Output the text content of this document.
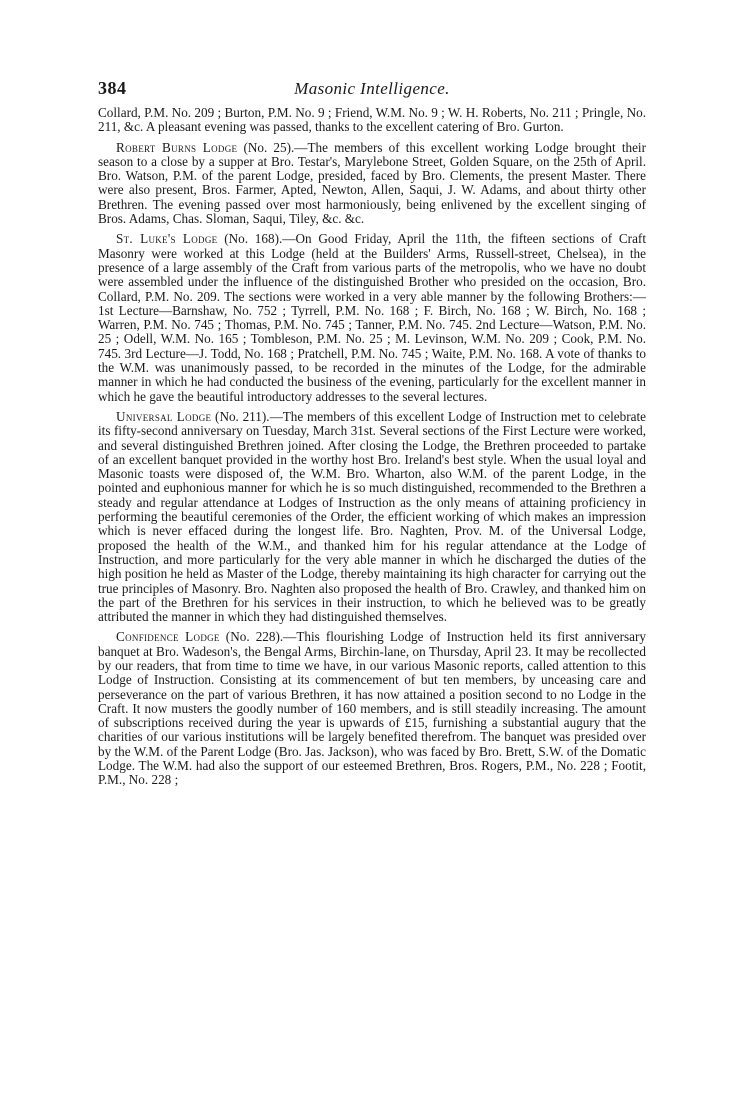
384	Masonic Intelligence.

Collard, P.M. No. 209 ; Burton, P.M. No. 9 ; Friend, W.M. No. 9 ; W. H. Roberts, No. 211 ; Pringle, No. 211, &c. A pleasant evening was passed, thanks to the excellent catering of Bro. Gurton.

Robert Burns Lodge (No. 25).—The members of this excellent working Lodge brought their season to a close by a supper at Bro. Testar's, Marylebone Street, Golden Square, on the 25th of April. Bro. Watson, P.M. of the parent Lodge, presided, faced by Bro. Clements, the present Master. There were also present, Bros. Farmer, Apted, Newton, Allen, Saqui, J. W. Adams, and about thirty other Brethren. The evening passed over most harmoniously, being enlivened by the excellent singing of Bros. Adams, Chas. Sloman, Saqui, Tiley, &c. &c.

St. Luke's Lodge (No. 168).—On Good Friday, April the 11th, the fifteen sections of Craft Masonry were worked at this Lodge (held at the Builders' Arms, Russell-street, Chelsea), in the presence of a large assembly of the Craft from various parts of the metropolis, who we have no doubt were assembled under the influence of the distinguished Brother who presided on the occasion, Bro. Collard, P.M. No. 209. The sections were worked in a very able manner by the following Brothers:—1st Lecture—Barnshaw, No. 752 ; Tyrrell, P.M. No. 168 ; F. Birch, No. 168 ; W. Birch, No. 168 ; Warren, P.M. No. 745 ; Thomas, P.M. No. 745 ; Tanner, P.M. No. 745. 2nd Lecture—Watson, P.M. No. 25 ; Odell, W.M. No. 165 ; Tombleson, P.M. No. 25 ; M. Levinson, W.M. No. 209 ; Cook, P.M. No. 745. 3rd Lecture—J. Todd, No. 168 ; Pratchell, P.M. No. 745 ; Waite, P.M. No. 168. A vote of thanks to the W.M. was unanimously passed, to be recorded in the minutes of the Lodge, for the admirable manner in which he had conducted the business of the evening, particularly for the excellent manner in which he gave the beautiful introductory addresses to the several lectures.

Universal Lodge (No. 211).—The members of this excellent Lodge of Instruction met to celebrate its fifty-second anniversary on Tuesday, March 31st. Several sections of the First Lecture were worked, and several distinguished Brethren joined. After closing the Lodge, the Brethren proceeded to partake of an excellent banquet provided in the worthy host Bro. Ireland's best style. When the usual loyal and Masonic toasts were disposed of, the W.M. Bro. Wharton, also W.M. of the parent Lodge, in the pointed and euphonious manner for which he is so much distinguished, recommended to the Brethren a steady and regular attendance at Lodges of Instruction as the only means of attaining proficiency in performing the beautiful ceremonies of the Order, the efficient working of which makes an impression which is never effaced during the longest life. Bro. Naghten, Prov. M. of the Universal Lodge, proposed the health of the W.M., and thanked him for his regular attendance at the Lodge of Instruction, and more particularly for the very able manner in which he discharged the duties of the high position he held as Master of the Lodge, thereby maintaining its high character for carrying out the true principles of Masonry. Bro. Naghten also proposed the health of Bro. Crawley, and thanked him on the part of the Brethren for his services in their instruction, to which he believed was to be greatly attributed the manner in which they had distinguished themselves.

Confidence Lodge (No. 228).—This flourishing Lodge of Instruction held its first anniversary banquet at Bro. Wadeson's, the Bengal Arms, Birchin-lane, on Thursday, April 23. It may be recollected by our readers, that from time to time we have, in our various Masonic reports, called attention to this Lodge of Instruction. Consisting at its commencement of but ten members, by unceasing care and perseverance on the part of various Brethren, it has now attained a position second to no Lodge in the Craft. It now musters the goodly number of 160 members, and is still steadily increasing. The amount of subscriptions received during the year is upwards of £15, furnishing a substantial augury that the charities of our various institutions will be largely benefited therefrom. The banquet was presided over by the W.M. of the Parent Lodge (Bro. Jas. Jackson), who was faced by Bro. Brett, S.W. of the Domatic Lodge. The W.M. had also the support of our esteemed Brethren, Bros. Rogers, P.M., No. 228 ; Footit, P.M., No. 228 ;
